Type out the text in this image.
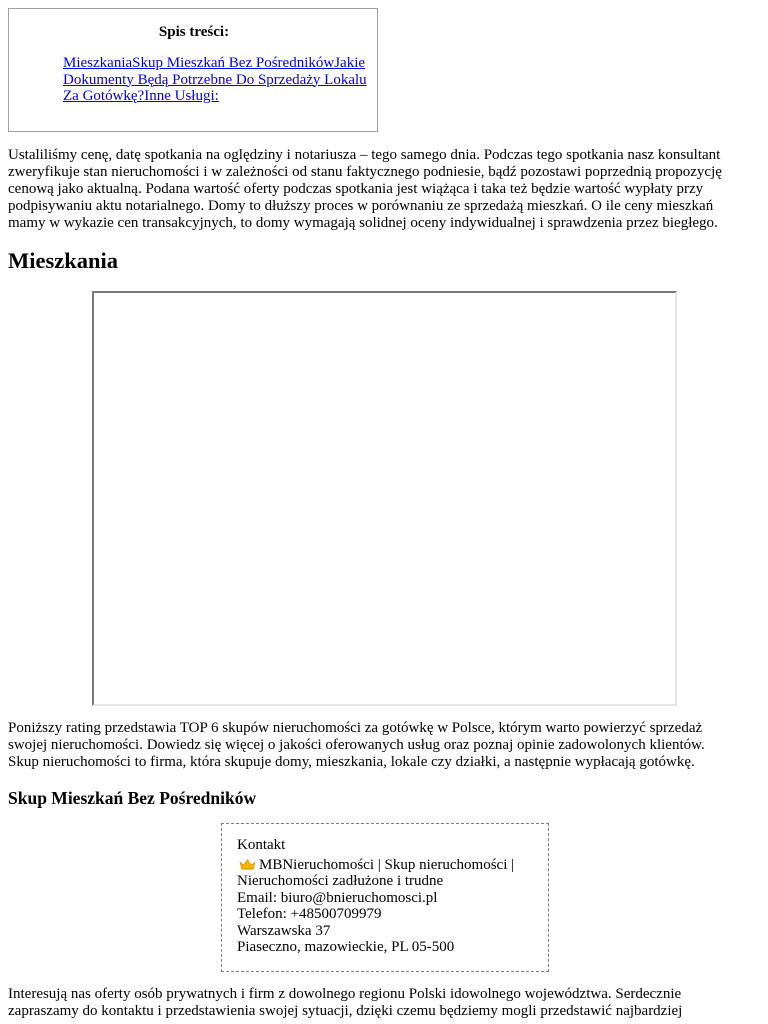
Spis treści:
MieszkaniaSkup Mieszkań Bez PośrednikówJakie Dokumenty Będą Potrzebne Do Sprzedaży Lokalu Za Gotówkę?Inne Usługi:

Ustaliliśmy cenę, datę spotkania na oględziny i notariusza – tego samego dnia. Podczas tego spotkania nasz konsultant
zweryfikuje stan nieruchomości i w zależności od stanu faktycznego podniesie, bądź pozostawi poprzednią propozycję
cenową jako aktualną. Podana wartość oferty podczas spotkania jest wiążąca i taka też będzie wartość wypłaty przy
podpisywaniu aktu notarialnego. Domy to dłuższy proces w porównaniu ze sprzedażą mieszkań. O ile ceny mieszkań
mamy w wykazie cen transakcyjnych, to domy wymagają solidnej oceny indywidualnej i sprawdzenia przez biegłego.

Mieszkania

Poniższy rating przedstawia TOP 6 skupów nieruchomości za gotówkę w Polsce, którym warto powierzyć sprzedaż
swojej nieruchomości. Dowiedz się więcej o jakości oferowanych usług oraz poznaj opinie zadowolonych klientów.
Skup nieruchomości to firma, która skupuje domy, mieszkania, lokale czy działki, a następnie wypłacają gotówkę.

Skup Mieszkań Bez Pośredników
Kontakt
MBNieruchomości | Skup nieruchomości |
Nieruchomości zadłużone i trudne
Email: biuro@bnieruchomosci.pl
Telefon: +48500709979
Warszawska 37
Piaseczno, mazowieckie, PL 05-500

Interesują nas oferty osób prywatnych i firm z dowolnego regionu Polski idowolnego województwa. Serdecznie
zapraszamy do kontaktu i przedstawienia swojej sytuacji, dzięki czemu będziemy mogli przedstawić najbardziej
